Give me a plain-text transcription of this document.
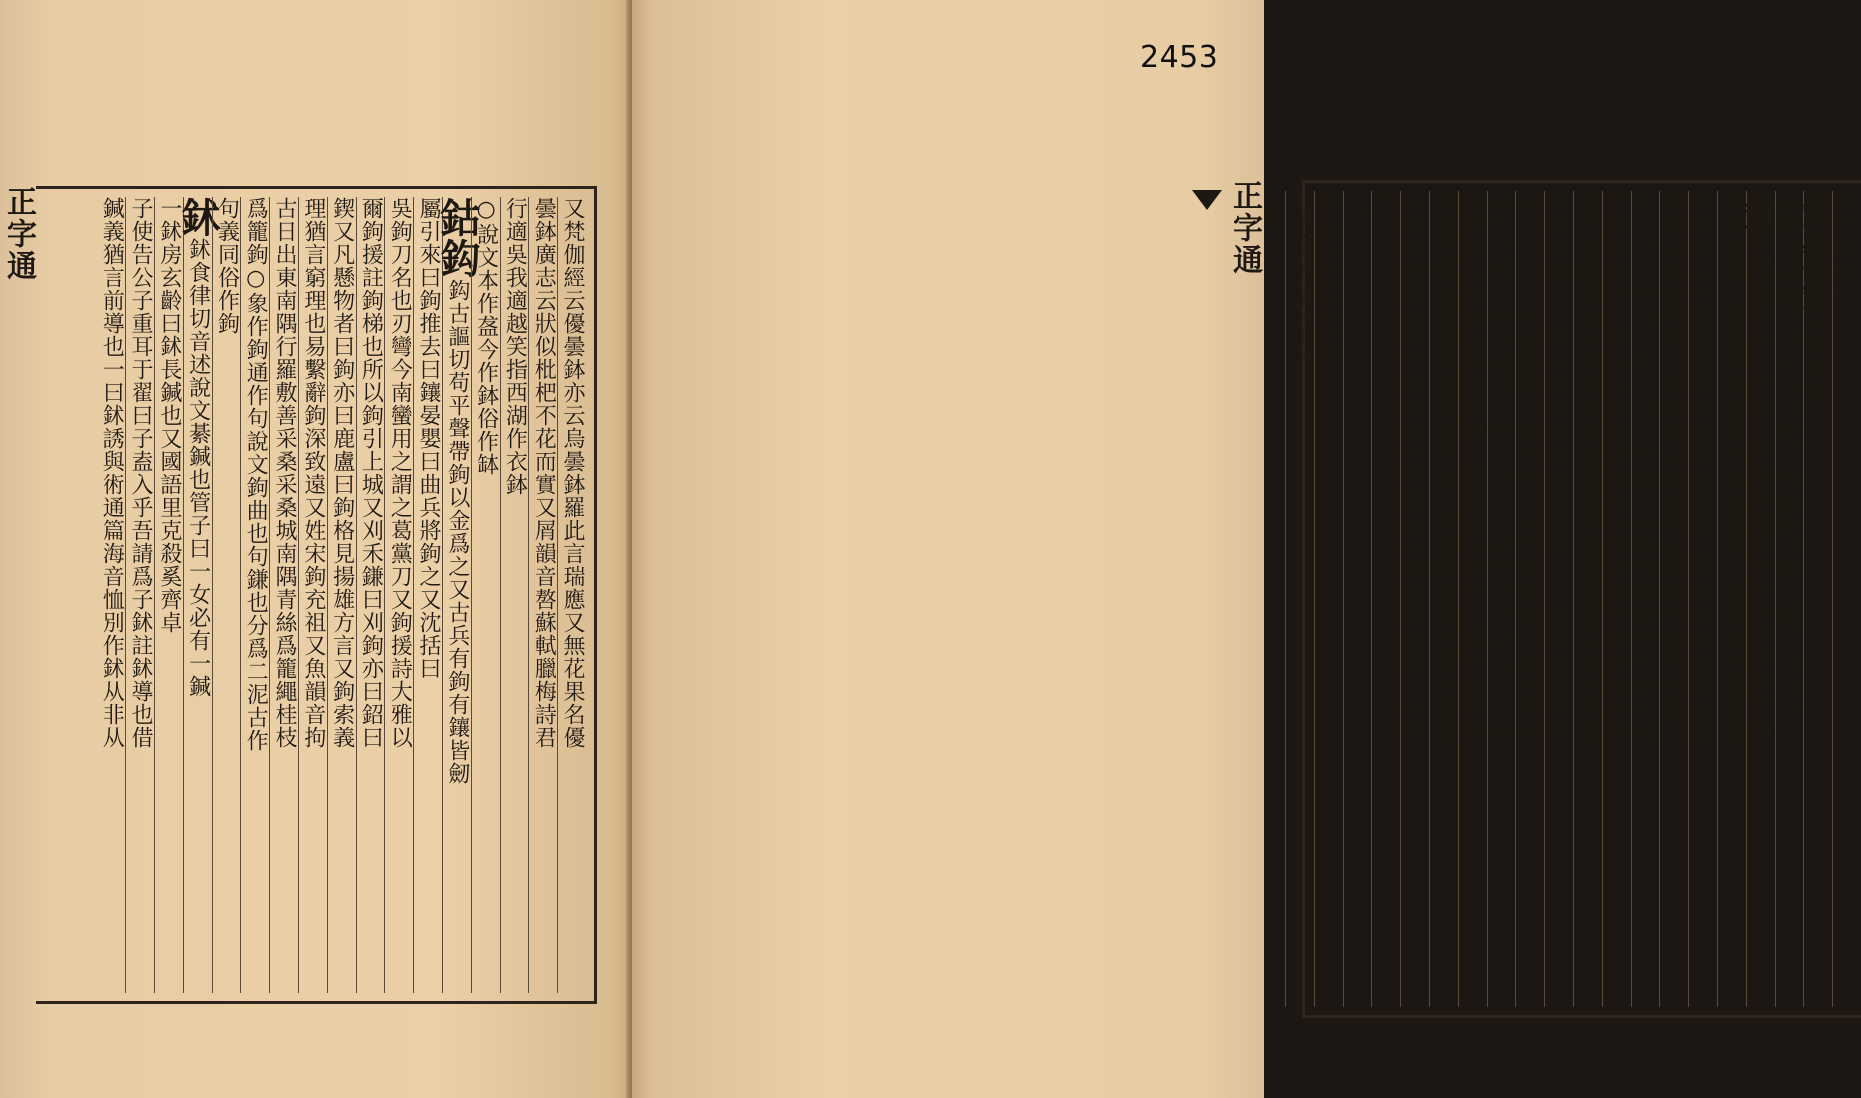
正字通	又梵伽經云優曇鉢亦云烏曇鉢羅此言瑞應又無花果名優
曇鉢廣志云狀似枇杷不花而實又屑韻音嗸蘇軾臘梅詩君
行適吳我適越笑指西湖作衣鉢
○說文本作盋今作鉢俗作缽
鈷鈎鈎古謳切苟平聲帶鉤以金爲之又古兵有鉤有鑲皆劒
屬引來曰鉤推去曰鑲晏嬰曰曲兵將鉤之又沈括曰
吳鉤刀名也刃彎今南蠻用之謂之葛黨刀又鉤援詩大雅以
爾鉤援註鉤梯也所以鉤引上城又刈禾鎌曰刈鉤亦曰鉊曰
鍥又凡懸物者曰鉤亦曰鹿盧曰鉤格見揚雄方言又鉤索義
理猶言窮理也易繫辭鉤深致遠又姓宋鉤充祖又魚韻音拘
古日出東南隅行羅敷善采桑采桑城南隅青絲爲籠繩桂枝
爲籠鉤○象作鉤通作句說文鉤曲也句鎌也分爲二泥古作
句義同俗作鉤
鉥鉥食律切音述說文綦鍼也管子曰一女必有一鍼
一鉥房玄齡曰鉥長鍼也又國語里克殺奚齊卓
子使告公子重耳于翟曰子盍入乎吾請爲子鉥註鉥導也借
鍼義猶言前導也一曰鉥誘與術通篇海音恤別作鉥从非从	皆作斧戉
鉡鈌鉅字失考正
鉢同盋食器梵語鉢多羅此云應量器謂體色量三俱應法
鉢故體用鐵瓦二物色以藥煙熏治量則分上中下釋氏皆
用鐵形圓上有蓋或用瓦形亦如之通稱曰鉢盂宋大覺禪師
持律嚴仁宗賜龍腦鉢盂謝對使者焚之曰吾法以瓦鐵食此
鉢非法使者歸奏上嘉歎說具蘇軾宸奎閣碑記黃震曰辭之
則可焚之者慢上取名也又梵書言自釋迦相傳有衣鉢世相
付受後魏天竺國王子號達磨出家入南海齎衣鉢航海至梁
謁武帝隱嵩山少林寺以其法傳慧可至慧可絕又古今名賢
集和凝第十三名及第後知舉取范質第十三名質從謝凝謂
曰公文合壯中選屈就此傳老夫衣鉢耳未幾凝入相後質拜
相有登庸衣鉢亦相傳之句又摭言曰唐進士自狀元以下謁
主司斂名紙通呈與主司對拜職事者云請狀元謝衣鉢謂謝
與主司同名第者中有與主司先人名第同者謂之謝大衣鉢
又蘇軾詩傳家有衣鉢註家學有素也或曰儒學借喻衣鉢非
鈹鈃
从同
舊註音央鉠鉠鈴聲正韻十
七陽收鉠按毛詩本作央
俗字
正字通
2453
